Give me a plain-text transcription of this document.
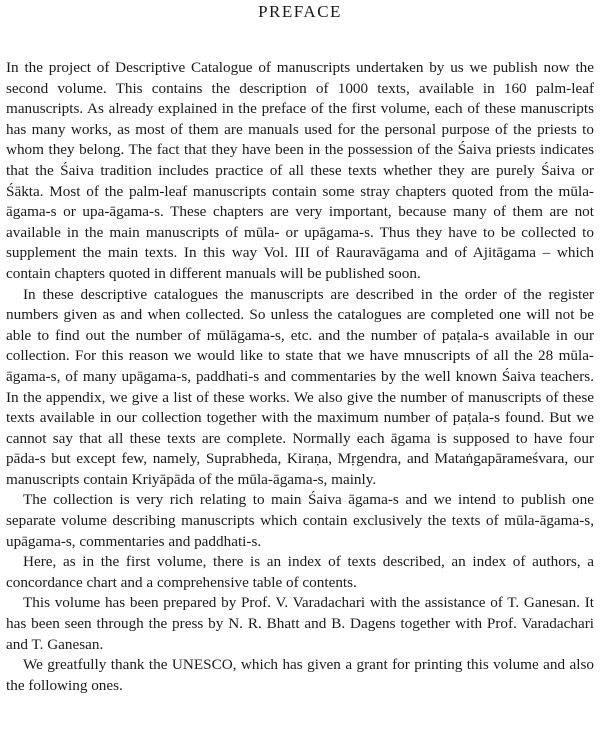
PREFACE

In the project of Descriptive Catalogue of manuscripts undertaken by us we publish now the second volume. This contains the description of 1000 texts, available in 160 palm-leaf manuscripts. As already explained in the preface of the first volume, each of these manuscripts has many works, as most of them are manuals used for the personal purpose of the priests to whom they belong. The fact that they have been in the possession of the Śaiva priests indicates that the Śaiva tradition includes practice of all these texts whether they are purely Śaiva or Śākta. Most of the palm-leaf manuscripts contain some stray chapters quoted from the mūla-āgama-s or upa-āgama-s. These chapters are very important, because many of them are not available in the main manuscripts of mūla- or upāgama-s. Thus they have to be collected to supplement the main texts. In this way Vol. III of Rauravāgama and of Ajitāgama – which contain chapters quoted in different manuals will be published soon.

In these descriptive catalogues the manuscripts are described in the order of the register numbers given as and when collected. So unless the catalogues are completed one will not be able to find out the number of mūlāgama-s, etc. and the number of paṭala-s available in our collection. For this reason we would like to state that we have mnuscripts of all the 28 mūla-āgama-s, of many upāgama-s, paddhati-s and commentaries by the well known Śaiva teachers. In the appendix, we give a list of these works. We also give the number of manuscripts of these texts available in our collection together with the maximum number of paṭala-s found. But we cannot say that all these texts are complete. Normally each āgama is supposed to have four pāda-s but except few, namely, Suprabheda, Kiraṇa, Mṛgendra, and Mataṅgapārameśvara, our manuscripts contain Kriyāpāda of the mūla-āgama-s, mainly.

The collection is very rich relating to main Śaiva āgama-s and we intend to publish one separate volume describing manuscripts which contain exclusively the texts of mūla-āgama-s, upāgama-s, commentaries and paddhati-s.

Here, as in the first volume, there is an index of texts described, an index of authors, a concordance chart and a comprehensive table of contents.

This volume has been prepared by Prof. V. Varadachari with the assistance of T. Ganesan. It has been seen through the press by N. R. Bhatt and B. Dagens together with Prof. Varadachari and T. Ganesan.

We greatfully thank the UNESCO, which has given a grant for printing this volume and also the following ones.
